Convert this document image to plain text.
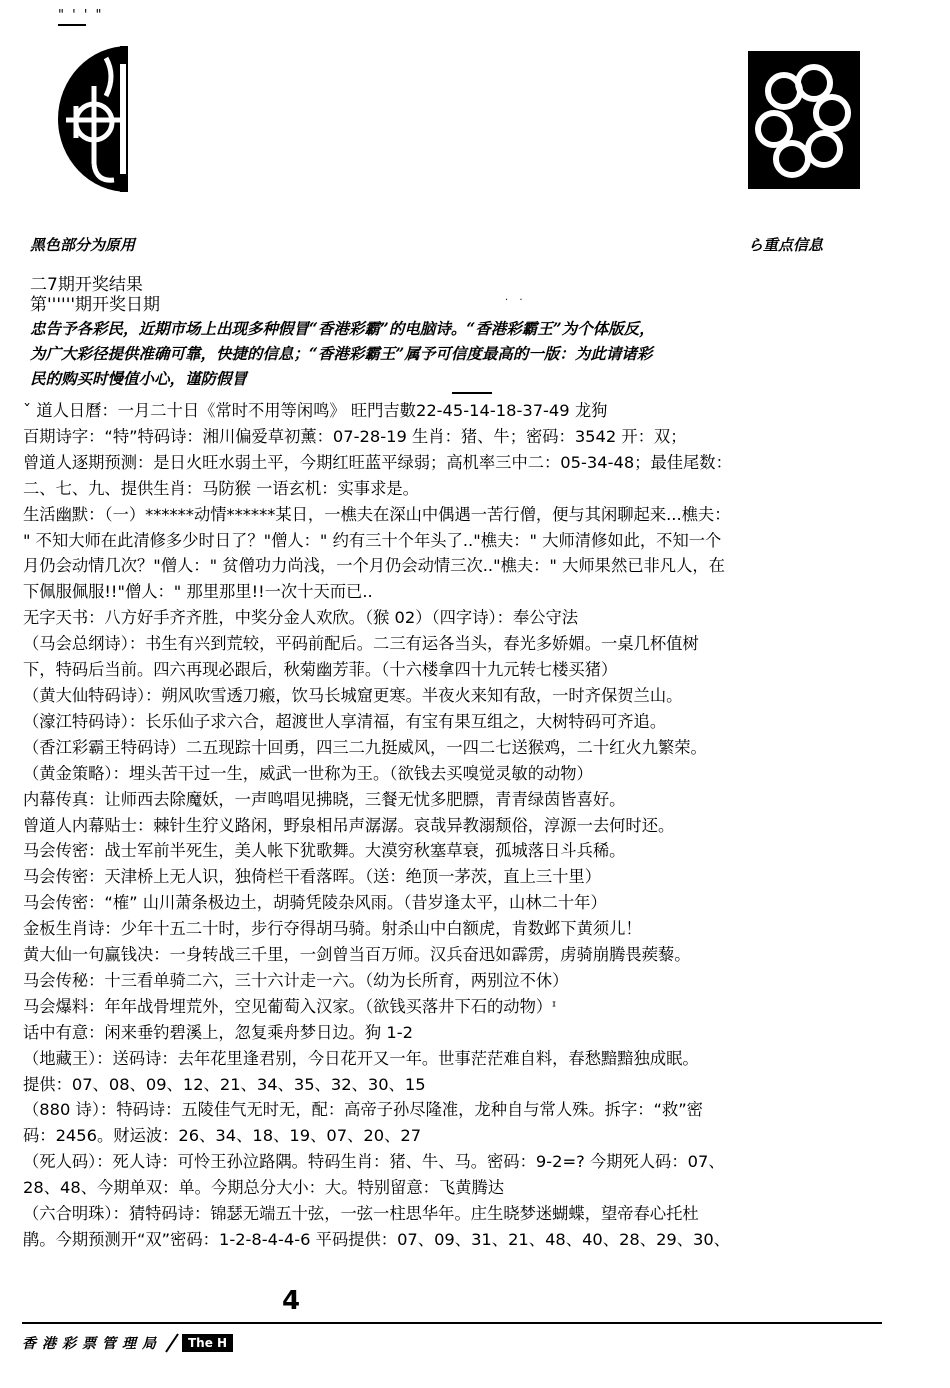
" ' ' "
黑色部分为原用	ら重点信息
二7期开奖结果
第''''''期开奖日期	. .
忠告予各彩民，近期市场上出现多种假冒“香港彩霸”的电脑诗。“香港彩霸王”为个体版反，
为广大彩径提供准确可靠，快捷的信息；“香港彩霸王”属予可信度最高的一版：为此请诸彩
民的购买时慢值小心，谨防假冒

ˇ 道人日曆：一月二十日《常时不用等闲鸣》 旺門吉數22-45-14-18-37-49 龙狗

百期诗字：“特”特码诗：湘川偏爱草初薰：07-28-19 生肖：猪、牛；密码：3542 开：双；

曾道人逐期预测：是日火旺水弱土平，今期红旺蓝平绿弱；高机率三中二：05-34-48；最佳尾数：

二、七、九、提供生肖：马防猴 一语玄机：实事求是。

生活幽默：（一）******动情******某日，一樵夫在深山中偶遇一苦行僧，便与其闲聊起来...樵夫：

" 不知大师在此清修多少时日了？"僧人：" 约有三十个年头了.."樵夫：" 大师清修如此，不知一个

月仍会动情几次？"僧人：" 贫僧功力尚浅，一个月仍会动情三次.."樵夫：" 大师果然已非凡人，在

下佩服佩服!!"僧人：" 那里那里!!一次十天而已..

无字天书：八方好手齐齐胜，中奖分金人欢欣。（猴 02）（四字诗）：奉公守法

（马会总纲诗）：书生有兴到荒较，平码前配后。二三有运各当头，春光多娇媚。一桌几杯值树

下，特码后当前。四六再现必跟后，秋菊幽芳菲。（十六楼拿四十九元转七楼买猪）

（黄大仙特码诗）：朔风吹雪透刀瘢，饮马长城窟更寒。半夜火来知有敌，一时齐保贺兰山。

（濠江特码诗）：长乐仙子求六合，超渡世人享清福，有宝有果互组之，大树特码可齐追。

（香江彩霸王特码诗）二五现踪十回勇，四三二九挺威风，一四二七送猴鸡，二十红火九繁荣。

（黄金策略）：埋头苦干过一生，威武一世称为王。（欲钱去买嗅觉灵敏的动物）

内幕传真：让师西去除魔妖，一声鸣唱见拂晓，三餐无忧多肥膘，青青绿茵皆喜好。

曾道人内幕贴士：棘针生狞义路闲，野泉相吊声潺潺。哀哉异教溺颓俗，淳源一去何时还。

马会传密：战士军前半死生，美人帐下犹歌舞。大漠穷秋塞草衰，孤城落日斗兵稀。

马会传密：天津桥上无人识，独倚栏干看落晖。（送：绝顶一茅茨，直上三十里）

马会传密：“榷” 山川萧条极边土，胡骑凭陵杂风雨。（昔岁逢太平，山林二十年）

金板生肖诗：少年十五二十时，步行夺得胡马骑。射杀山中白额虎，肯数邺下黄须儿！

黄大仙一句赢钱决：一身转战三千里，一剑曾当百万师。汉兵奋迅如霹雳，虏骑崩腾畏蒺藜。

马会传秘：十三看单骑二六，三十六计走一六。（幼为长所育，两别泣不休）

马会爆料：年年战骨埋荒外，空见葡萄入汉家。（欲钱买落井下石的动物）ᶦ

话中有意：闲来垂钓碧溪上，忽复乘舟梦日边。狗 1-2

（地藏王）：送码诗：去年花里逢君别，今日花开又一年。世事茫茫难自料，春愁黯黯独成眠。

提供：07、08、09、12、21、34、35、32、30、15

（880 诗）：特码诗：五陵佳气无时无，配：高帝子孙尽隆准，龙种自与常人殊。拆字：“救”密

码：2456。财运波：26、34、18、19、07、20、27

（死人码）：死人诗：可怜王孙泣路隅。特码生肖：猪、牛、马。密码：9-2=? 今期死人码：07、

28、48、今期单双：单。今期总分大小：大。特别留意：飞黄腾达

（六合明珠）：猜特码诗：锦瑟无端五十弦，一弦一柱思华年。庄生晓梦迷蝴蝶，望帝春心托杜

鹃。今期预测开“双”密码：1-2-8-4-4-6 平码提供：07、09、31、21、48、40、28、29、30、

4
香港彩票管理局	The H
